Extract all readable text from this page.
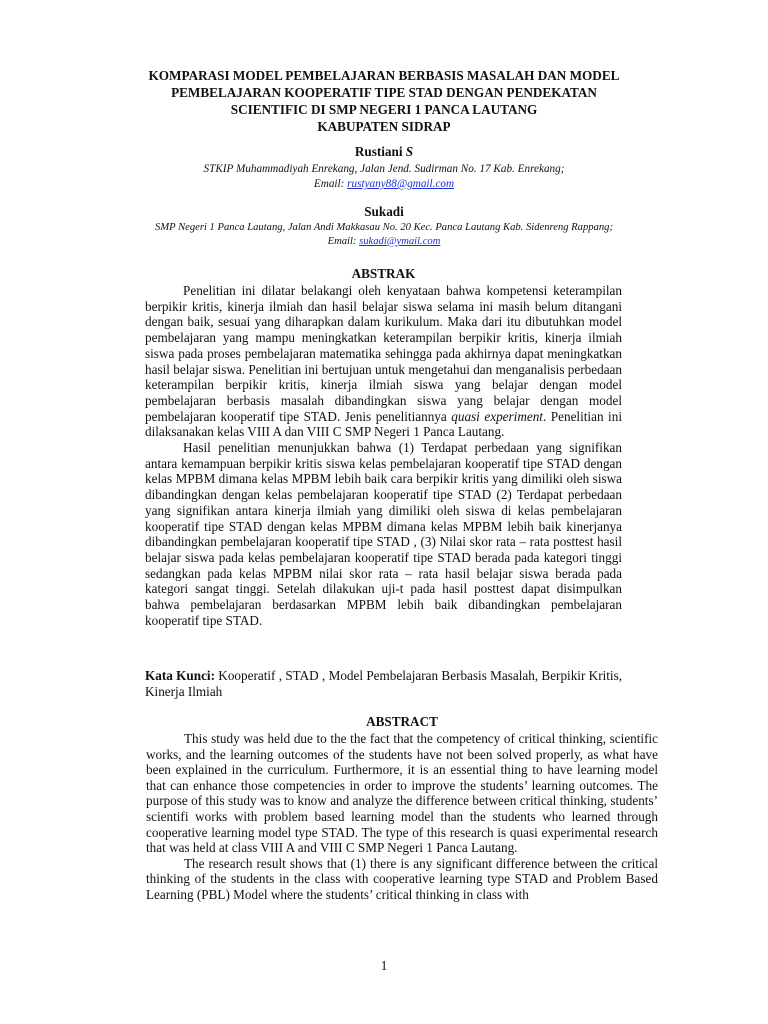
KOMPARASI MODEL PEMBELAJARAN BERBASIS MASALAH DAN MODEL
PEMBELAJARAN KOOPERATIF TIPE STAD DENGAN PENDEKATAN
SCIENTIFIC DI SMP NEGERI 1 PANCA LAUTANG
KABUPATEN SIDRAP
Rustiani S
STKIP Muhammadiyah Enrekang, Jalan Jend. Sudirman No. 17 Kab. Enrekang;
Email: rustyany88@gmail.com
Sukadi
SMP Negeri 1 Panca Lautang, Jalan Andi Makkasau No. 20 Kec. Panca Lautang Kab. Sidenreng Rappang;
Email: sukadi@ymail.com
ABSTRAK

Penelitian ini dilatar belakangi oleh kenyataan bahwa kompetensi keterampilan berpikir kritis, kinerja ilmiah dan hasil belajar siswa selama ini masih belum ditangani dengan baik, sesuai yang diharapkan dalam kurikulum. Maka dari itu dibutuhkan model pembelajaran yang mampu meningkatkan keterampilan berpikir kritis, kinerja ilmiah siswa pada proses pembelajaran matematika sehingga pada akhirnya dapat meningkatkan hasil belajar siswa. Penelitian ini bertujuan untuk mengetahui dan menganalisis perbedaan keterampilan berpikir kritis, kinerja ilmiah siswa yang belajar dengan model pembelajaran berbasis masalah dibandingkan siswa yang belajar dengan model pembelajaran kooperatif tipe STAD. Jenis penelitiannya quasi experiment. Penelitian ini dilaksanakan kelas VIII A dan VIII C SMP Negeri 1 Panca Lautang.

Hasil penelitian menunjukkan bahwa (1) Terdapat perbedaan yang signifikan antara kemampuan berpikir kritis siswa kelas pembelajaran kooperatif tipe STAD dengan kelas MPBM dimana kelas MPBM lebih baik cara berpikir kritis yang dimiliki oleh siswa dibandingkan dengan kelas pembelajaran kooperatif tipe STAD (2) Terdapat perbedaan yang signifikan antara kinerja ilmiah yang dimiliki oleh siswa di kelas pembelajaran kooperatif tipe STAD dengan kelas MPBM dimana kelas MPBM lebih baik kinerjanya dibandingkan pembelajaran kooperatif tipe STAD , (3) Nilai skor rata – rata posttest hasil belajar siswa pada kelas pembelajaran kooperatif tipe STAD berada pada kategori tinggi sedangkan pada kelas MPBM nilai skor rata – rata hasil belajar siswa berada pada kategori sangat tinggi. Setelah dilakukan uji-t pada hasil posttest dapat disimpulkan bahwa pembelajaran berdasarkan MPBM lebih baik dibandingkan pembelajaran kooperatif tipe STAD.

Kata Kunci: Kooperatif , STAD , Model Pembelajaran Berbasis Masalah, Berpikir Kritis, Kinerja Ilmiah
ABSTRACT

This study was held due to the the fact that the competency of critical thinking, scientific works, and the learning outcomes of the students have not been solved properly, as what have been explained in the curriculum. Furthermore, it is an essential thing to have learning model that can enhance those competencies in order to improve the students’ learning outcomes. The purpose of this study was to know and analyze the difference between critical thinking, students’ scientifi works with problem based learning model than the students who learned through cooperative learning model type STAD. The type of this research is quasi experimental research that was held at class VIII A and VIII C SMP Negeri 1 Panca Lautang.

The research result shows that (1) there is any significant difference between the critical thinking of the students in the class with cooperative learning type STAD and Problem Based Learning (PBL) Model where the students’ critical thinking in class with

1
